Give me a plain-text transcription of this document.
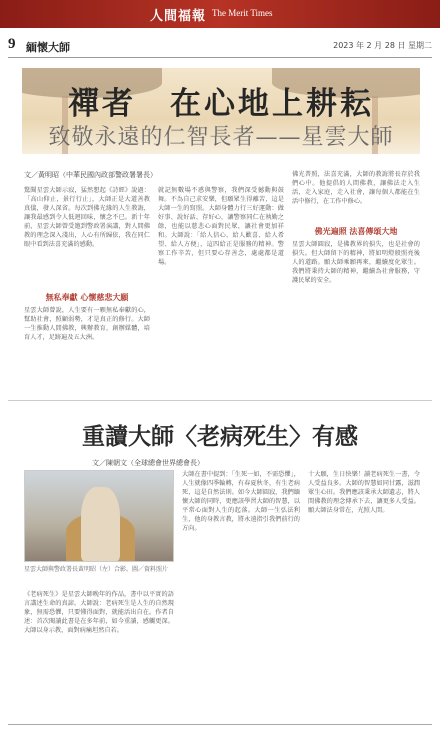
人間福報 The Merit Times
9 緬懷大師	2023 年 2 月 28 日 星期二
禪者　在心地上耕耘
致敬永遠的仁智長者——星雲大師
文／黃明昭（中華民國內政部警政署署長）
驚聞星雲大師示寂，猛然想起《詩經》說過：「高山仰止，景行行止」，大師正是大道善教真儀，發人深省。每次到佛光緣的人生教誨，讓我最感到令人低迴回味，懷念不已。新十年前，星雲大師曾受邀到警政署演講，對人間佛教的理念深入淺出，人心有所歸依，我在同仁眼中看到法喜充滿的感動。
無私奉獻 心懷慈悲大願
星雲大師曾說，人生要有一顆無私奉獻的心，幫助社會，照顧弱勢，才是真正的修行。大師一生推動人間佛教，興辦教育，創辦媒體，培育人才，足跡遍及五大洲。
就記無數場不惑與警察，我們深受撼動與鼓舞。不為自己求安樂，但願眾生得離苦，這是大師一生的寫照。大師身體力行三好運動：做好事、說好話、存好心，讓警察同仁在執勤之餘，也能以慈悲心面對民眾，讓社會更加祥和。大師說：「給人信心、給人歡喜、給人希望、給人方便」，這四給正是服務的精神。警察工作辛苦，但只要心存善念，處處都是道場。
佛光普照，法喜充滿，大師的教誨將長存於我們心中。他提倡的人間佛教，讓佛法走入生活，走入家庭，走入社會，讓每個人都能在生活中修行，在工作中修心。
佛光遍照 法喜傳頌大地
星雲大師圓寂，是佛教界的損失，也是社會的損失。但大師留下的精神，將如明燈般照亮後人的道路。願大師乘願再來，繼續度化眾生。我們將秉持大師的精神，繼續為社會服務，守護民眾的安全。
重讀大師〈老病死生〉有感
文／陳朝文（全球總會世界總會長）
星雲大師與警政署長黃明昭（左）合影。圖／資料照片
《老病死生》是星雲大師晚年的作品，書中以平實的語言講述生命的真諦。大師說：老病死生是人生的自然現象，無需恐懼，只要懂得面對，就能活出自在。作者自述：首次閱讀此書是在多年前，如今重讀，感觸更深。大師以身示教，面對病痛坦然自若。
大師在書中提到：「生死一如，不需恐懼」，人生就像四季輪轉，有春夏秋冬，有生老病死，這是自然法則。如今大師圓寂，我們緬懷大師的同時，更應該學習大師的智慧，以平常心面對人生的起落。大師一生弘法利生，他的身教言教，將永遠指引我們前行的方向。
十大願，生日快樂！讀老病死生一書，令人受益良多。大師的智慧如同甘露，滋潤眾生心田。我們應該秉承大師遺志，將人間佛教的理念傳承下去，讓更多人受益。願大師法身常在，光照人間。
